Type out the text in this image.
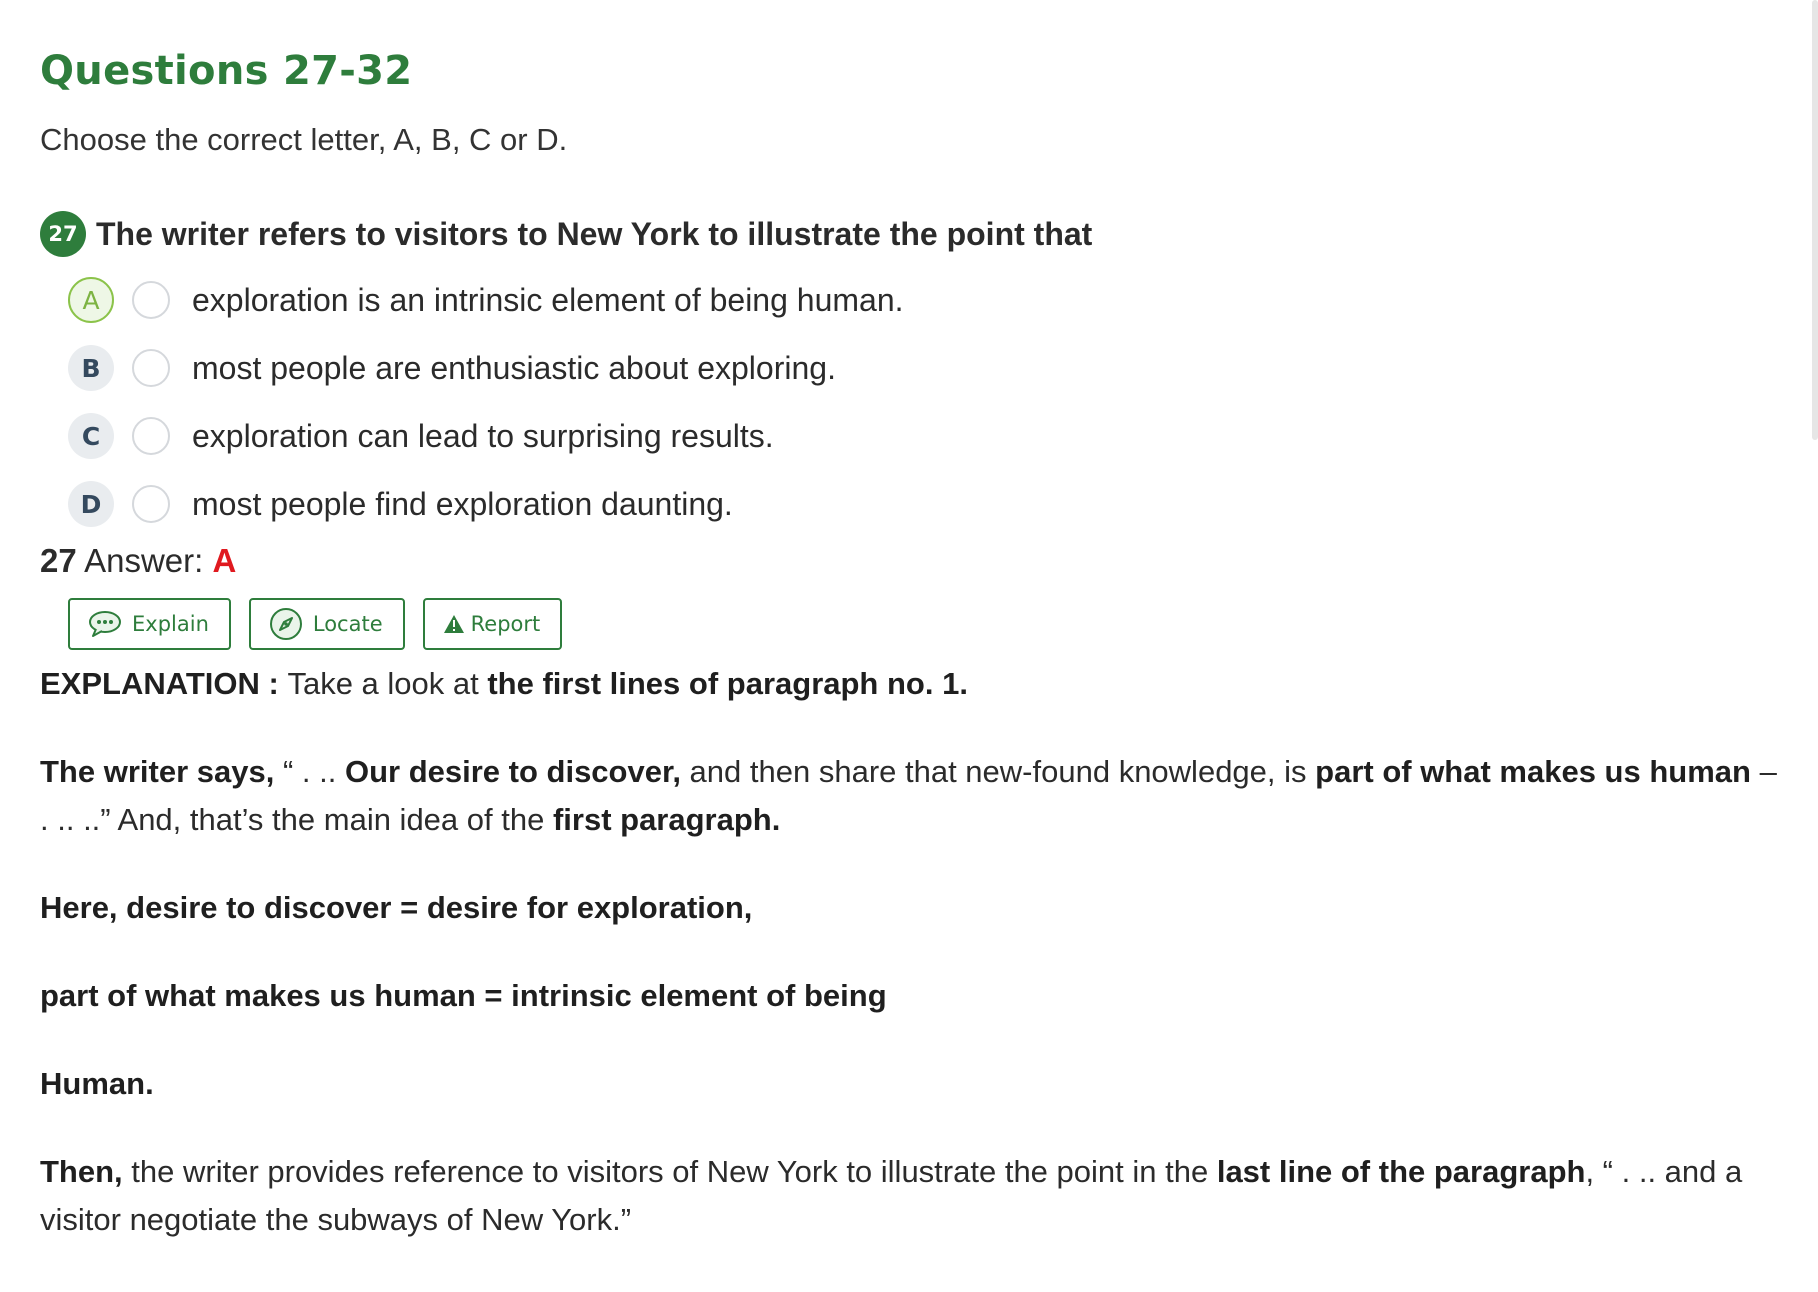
Questions 27-32
Choose the correct letter, A, B, C or D.
27 The writer refers to visitors to New York to illustrate the point that
A	exploration is an intrinsic element of being human.
B	most people are enthusiastic about exploring.
C	exploration can lead to surprising results.
D	most people find exploration daunting.
27 Answer: A
Explain	Locate	Report

EXPLANATION : Take a look at the first lines of paragraph no. 1.

The writer says, “ . .. Our desire to discover, and then share that new-found knowledge, is part of what makes us human – . .. ..” And, that’s the main idea of the first paragraph.

Here, desire to discover = desire for exploration,

part of what makes us human = intrinsic element of being

Human.

Then, the writer provides reference to visitors of New York to illustrate the point in the last line of the paragraph, “ . .. and a visitor negotiate the subways of New York.”
